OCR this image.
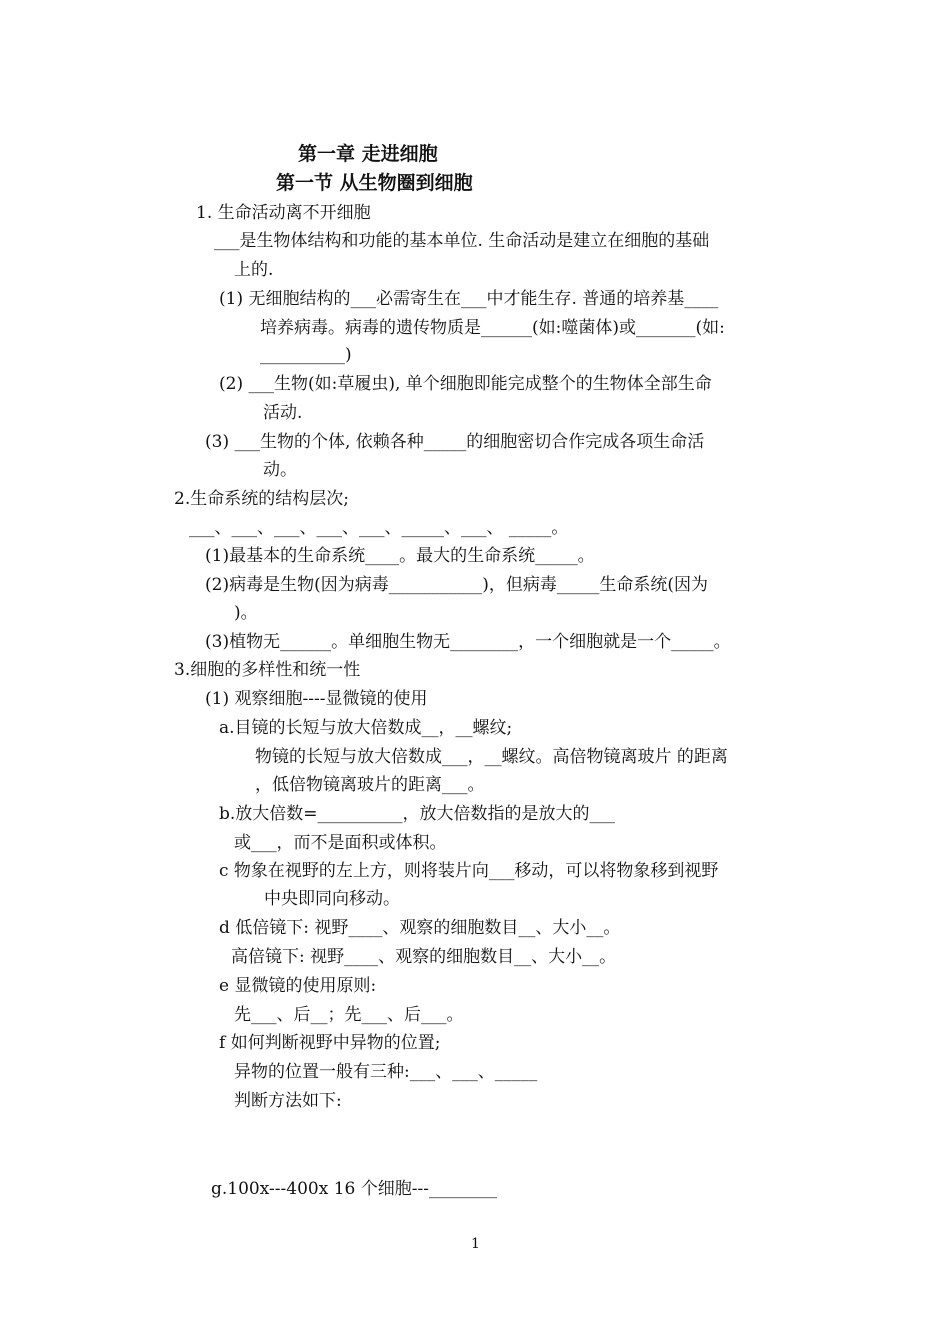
第一章 走进细胞
第一节 从生物圈到细胞
1. 生命活动离不开细胞
___是生物体结构和功能的基本单位. 生命活动是建立在细胞的基础
上的.
(1) 无细胞结构的___必需寄生在___中才能生存. 普通的培养基____
培养病毒。病毒的遗传物质是______(如:噬菌体)或_______(如:
__________)
(2) ___生物(如:草履虫), 单个细胞即能完成整个的生物体全部生命
活动.
(3) ___生物的个体, 依赖各种_____的细胞密切合作完成各项生命活
动。
2.生命系统的结构层次;
___、___、___、___、___、_____、___、 _____。
(1)最基本的生命系统____。最大的生命系统_____。
(2)病毒是生物(因为病毒___________)，但病毒_____生命系统(因为
)。
(3)植物无______。单细胞生物无________，一个细胞就是一个_____。
3.细胞的多样性和统一性
(1) 观察细胞----显微镜的使用
a.目镜的长短与放大倍数成__，__螺纹;
物镜的长短与放大倍数成___，__螺纹。高倍物镜离玻片 的距离
，低倍物镜离玻片的距离___。
b.放大倍数=__________，放大倍数指的是放大的___
或___，而不是面积或体积。
c 物象在视野的左上方，则将装片向___移动，可以将物象移到视野
中央即同向移动。
d 低倍镜下: 视野____、观察的细胞数目__、大小__。
高倍镜下: 视野____、观察的细胞数目__、大小__。
e 显微镜的使用原则:
先___、后__；先___、后___。
f 如何判断视野中异物的位置;
异物的位置一般有三种:___、___、_____
判断方法如下:
g.100x---400x 16 个细胞---________
1
